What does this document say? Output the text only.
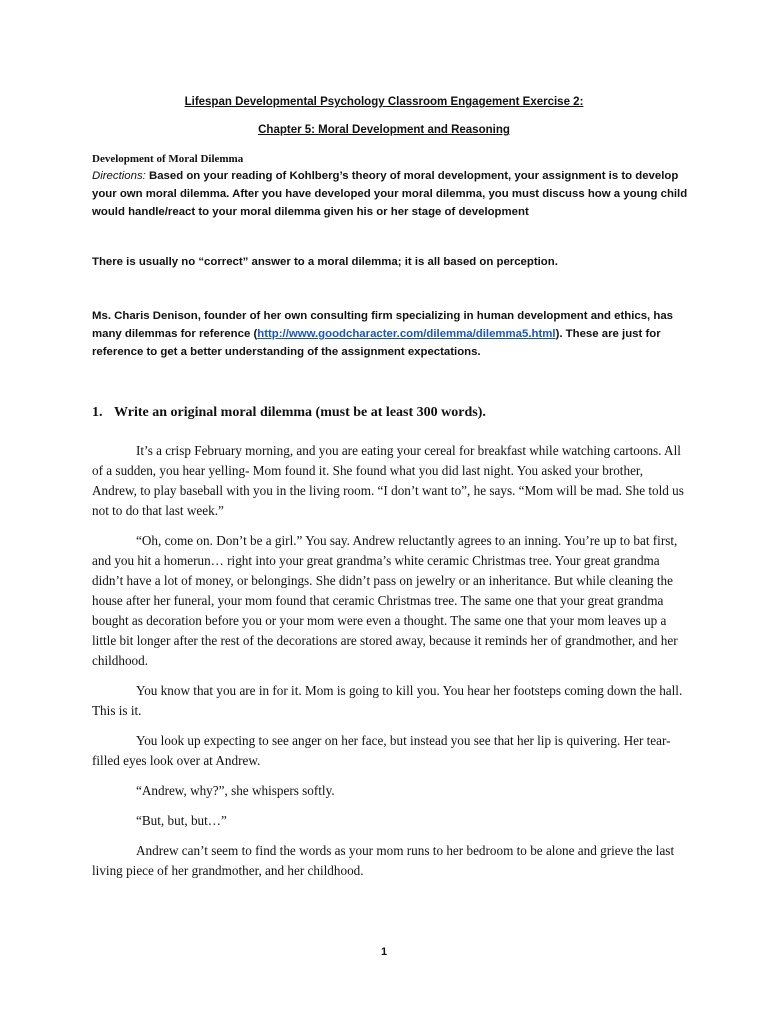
Lifespan Developmental Psychology Classroom Engagement Exercise 2:
Chapter 5: Moral Development and Reasoning
Development of Moral Dilemma
Directions: Based on your reading of Kohlberg’s theory of moral development, your assignment is to develop your own moral dilemma. After you have developed your moral dilemma, you must discuss how a young child would handle/react to your moral dilemma given his or her stage of development
There is usually no “correct” answer to a moral dilemma; it is all based on perception.
Ms. Charis Denison, founder of her own consulting firm specializing in human development and ethics, has many dilemmas for reference (http://www.goodcharacter.com/dilemma/dilemma5.html). These are just for reference to get a better understanding of the assignment expectations.
1. Write an original moral dilemma (must be at least 300 words).

It’s a crisp February morning, and you are eating your cereal for breakfast while watching cartoons. All of a sudden, you hear yelling- Mom found it. She found what you did last night. You asked your brother, Andrew, to play baseball with you in the living room. “I don’t want to”, he says. “Mom will be mad. She told us not to do that last week.”

“Oh, come on. Don’t be a girl.” You say. Andrew reluctantly agrees to an inning. You’re up to bat first, and you hit a homerun… right into your great grandma’s white ceramic Christmas tree. Your great grandma didn’t have a lot of money, or belongings. She didn’t pass on jewelry or an inheritance. But while cleaning the house after her funeral, your mom found that ceramic Christmas tree. The same one that your great grandma bought as decoration before you or your mom were even a thought. The same one that your mom leaves up a little bit longer after the rest of the decorations are stored away, because it reminds her of grandmother, and her childhood.

You know that you are in for it. Mom is going to kill you. You hear her footsteps coming down the hall. This is it.

You look up expecting to see anger on her face, but instead you see that her lip is quivering. Her tear-filled eyes look over at Andrew.

“Andrew, why?”, she whispers softly.

“But, but, but…”

Andrew can’t seem to find the words as your mom runs to her bedroom to be alone and grieve the last living piece of her grandmother, and her childhood.

1
